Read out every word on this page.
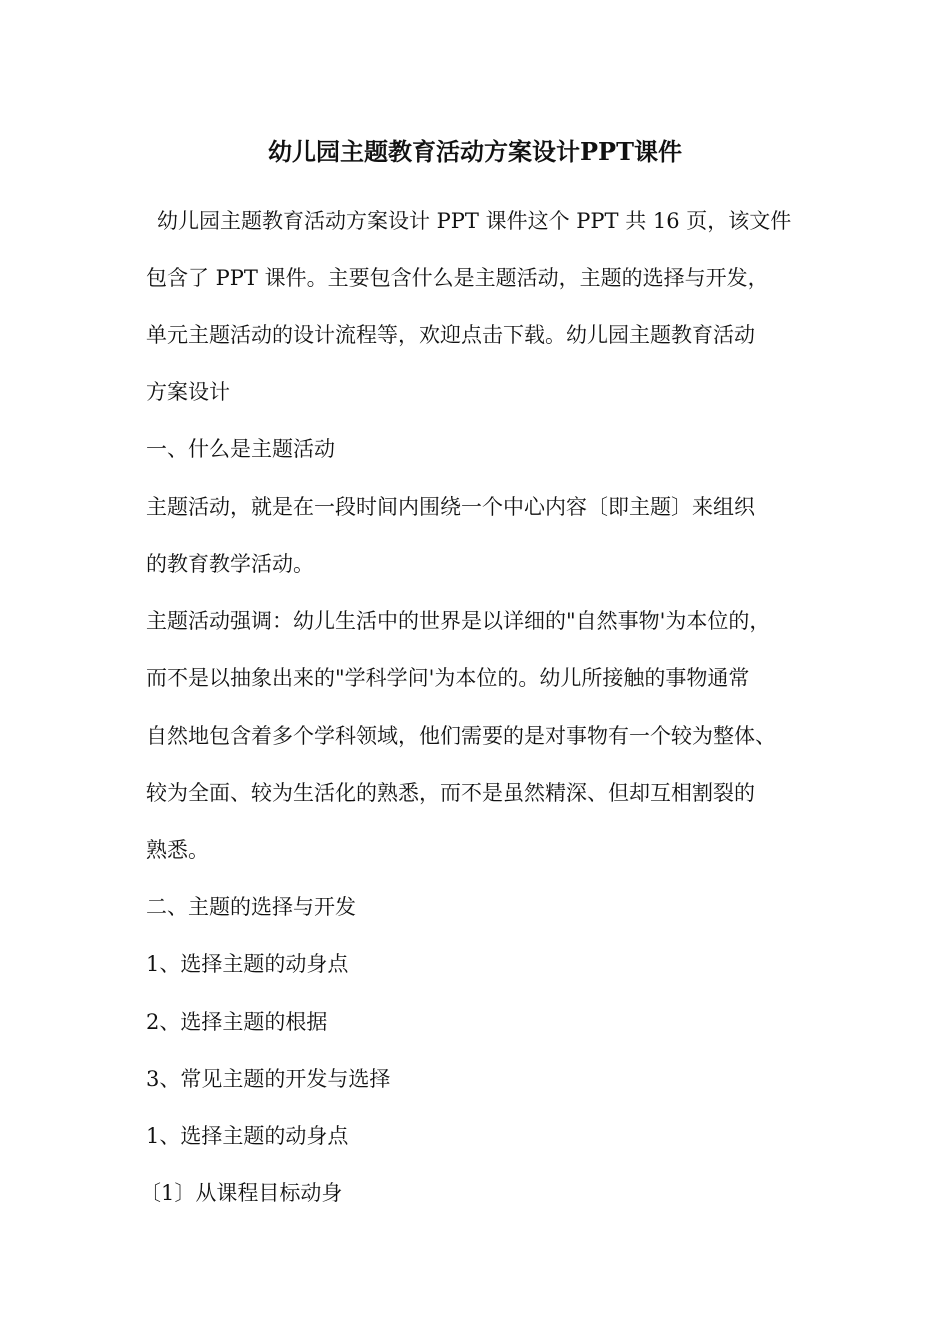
幼儿园主题教育活动方案设计PPT课件
幼儿园主题教育活动方案设计 PPT 课件这个 PPT 共 16 页，该文件
包含了 PPT 课件。主要包含什么是主题活动，主题的选择与开发，
单元主题活动的设计流程等，欢迎点击下载。幼儿园主题教育活动
方案设计
一、什么是主题活动
主题活动，就是在一段时间内围绕一个中心内容〔即主题〕来组织
的教育教学活动。
主题活动强调：幼儿生活中的世界是以详细的"自然事物'为本位的，
而不是以抽象出来的"学科学问'为本位的。幼儿所接触的事物通常
自然地包含着多个学科领域，他们需要的是对事物有一个较为整体、
较为全面、较为生活化的熟悉，而不是虽然精深、但却互相割裂的
熟悉。
二、主题的选择与开发
1、选择主题的动身点
2、选择主题的根据
3、常见主题的开发与选择
1、选择主题的动身点
〔1〕从课程目标动身
